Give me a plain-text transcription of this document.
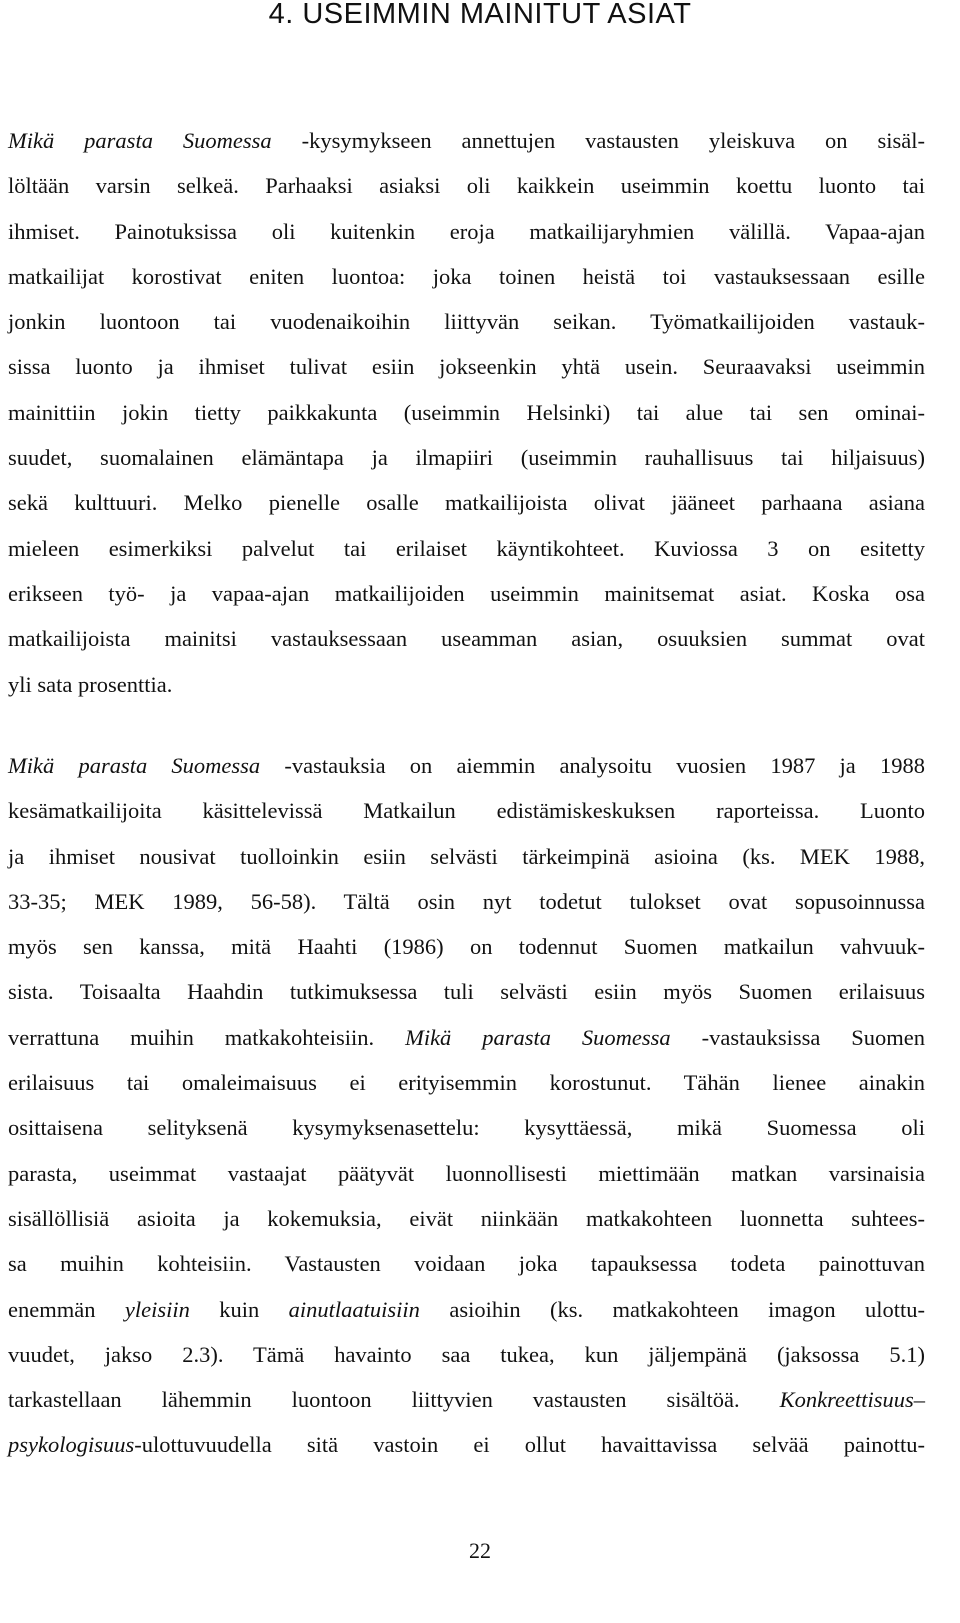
4. USEIMMIN MAINITUT ASIAT
Mikä parasta Suomessa -kysymykseen annettujen vastausten yleiskuva on sisäl-
löltään varsin selkeä. Parhaaksi asiaksi oli kaikkein useimmin koettu luonto tai
ihmiset. Painotuksissa oli kuitenkin eroja matkailijaryhmien välillä. Vapaa-ajan
matkailijat korostivat eniten luontoa: joka toinen heistä toi vastauksessaan esille
jonkin luontoon tai vuodenaikoihin liittyvän seikan. Työmatkailijoiden vastauk-
sissa luonto ja ihmiset tulivat esiin jokseenkin yhtä usein. Seuraavaksi useimmin
mainittiin jokin tietty paikkakunta (useimmin Helsinki) tai alue tai sen ominai-
suudet, suomalainen elämäntapa ja ilmapiiri (useimmin rauhallisuus tai hiljaisuus)
sekä kulttuuri. Melko pienelle osalle matkailijoista olivat jääneet parhaana asiana
mieleen esimerkiksi palvelut tai erilaiset käyntikohteet. Kuviossa 3 on esitetty
erikseen työ- ja vapaa-ajan matkailijoiden useimmin mainitsemat asiat. Koska osa
matkailijoista mainitsi vastauksessaan useamman asian, osuuksien summat ovat
yli sata prosenttia.
Mikä parasta Suomessa -vastauksia on aiemmin analysoitu vuosien 1987 ja 1988
kesämatkailijoita käsittelevissä Matkailun edistämiskeskuksen raporteissa. Luonto
ja ihmiset nousivat tuolloinkin esiin selvästi tärkeimpinä asioina (ks. MEK 1988,
33-35; MEK 1989, 56-58). Tältä osin nyt todetut tulokset ovat sopusoinnussa
myös sen kanssa, mitä Haahti (1986) on todennut Suomen matkailun vahvuuk-
sista. Toisaalta Haahdin tutkimuksessa tuli selvästi esiin myös Suomen erilaisuus
verrattuna muihin matkakohteisiin. Mikä parasta Suomessa -vastauksissa Suomen
erilaisuus tai omaleimaisuus ei erityisemmin korostunut. Tähän lienee ainakin
osittaisena selityksenä kysymyksenasettelu: kysyttäessä, mikä Suomessa oli
parasta, useimmat vastaajat päätyvät luonnollisesti miettimään matkan varsinaisia
sisällöllisiä asioita ja kokemuksia, eivät niinkään matkakohteen luonnetta suhtees-
sa muihin kohteisiin. Vastausten voidaan joka tapauksessa todeta painottuvan
enemmän yleisiin kuin ainutlaatuisiin asioihin (ks. matkakohteen imagon ulottu-
vuudet, jakso 2.3). Tämä havainto saa tukea, kun jäljempänä (jaksossa 5.1)
tarkastellaan lähemmin luontoon liittyvien vastausten sisältöä. Konkreettisuus–
psykologisuus-ulottuvuudella sitä vastoin ei ollut havaittavissa selvää painottu-
22
